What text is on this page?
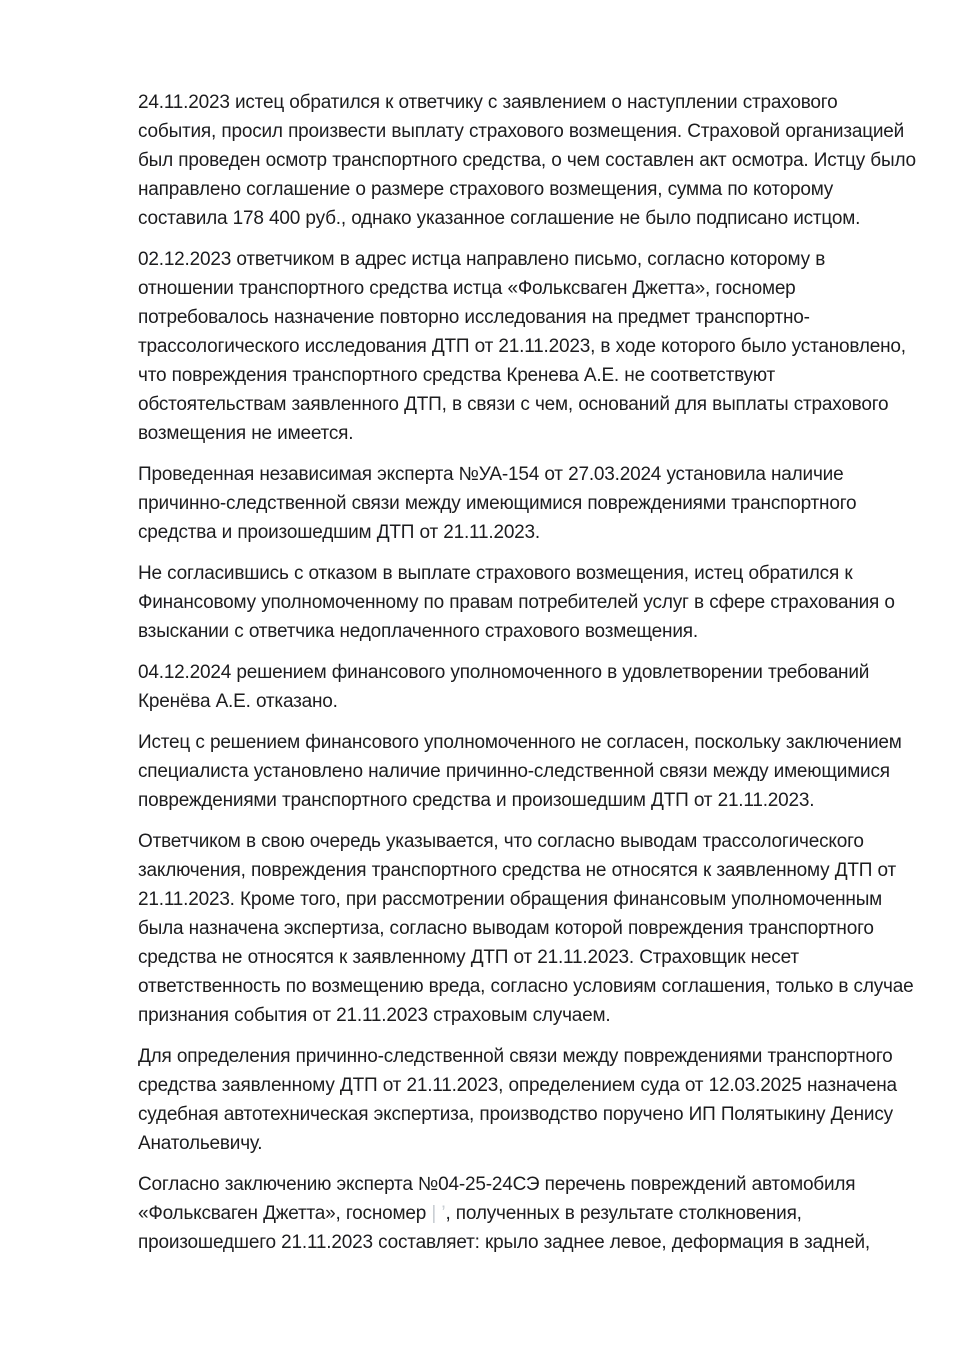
24.11.2023 истец обратился к ответчику с заявлением о наступлении страхового события, просил произвести выплату страхового возмещения. Страховой организацией был проведен осмотр транспортного средства, о чем составлен акт осмотра. Истцу было направлено соглашение о размере страхового возмещения, сумма по которому составила 178 400 руб., однако указанное соглашение не было подписано истцом.

02.12.2023 ответчиком в адрес истца направлено письмо, согласно которому в отношении транспортного средства истца «Фольксваген Джетта», госномер потребовалось назначение повторно исследования на предмет транспортно-трассологического исследования ДТП от 21.11.2023, в ходе которого было установлено, что повреждения транспортного средства Кренева А.Е. не соответствуют обстоятельствам заявленного ДТП, в связи с чем, оснований для выплаты страхового возмещения не имеется.

Проведенная независимая эксперта №УА-154 от 27.03.2024 установила наличие причинно-следственной связи между имеющимися повреждениями транспортного средства и произошедшим ДТП от 21.11.2023.

Не согласившись с отказом в выплате страхового возмещения, истец обратился к Финансовому уполномоченному по правам потребителей услуг в сфере страхования о взыскании с ответчика недоплаченного страхового возмещения.

04.12.2024 решением финансового уполномоченного в удовлетворении требований Кренёва А.Е. отказано.

Истец с решением финансового уполномоченного не согласен, поскольку заключением специалиста установлено наличие причинно-следственной связи между имеющимися повреждениями транспортного средства и произошедшим ДТП от 21.11.2023.

Ответчиком в свою очередь указывается, что согласно выводам трассологического заключения, повреждения транспортного средства не относятся к заявленному ДТП от 21.11.2023. Кроме того, при рассмотрении обращения финансовым уполномоченным была назначена экспертиза, согласно выводам которой повреждения транспортного средства не относятся к заявленному ДТП от 21.11.2023. Страховщик несет ответственность по возмещению вреда, согласно условиям соглашения, только в случае признания события от 21.11.2023 страховым случаем.

Для определения причинно-следственной связи между повреждениями транспортного средства заявленному ДТП от 21.11.2023, определением суда от 12.03.2025 назначена судебная автотехническая экспертиза, производство поручено ИП Полятыкину Денису Анатольевичу.

Согласно заключению эксперта №04-25-24СЭ перечень повреждений автомобиля «Фольксваген Джетта», госномер | ’, полученных в результате столкновения, произошедшего 21.11.2023 составляет: крыло заднее левое, деформация в задней,
